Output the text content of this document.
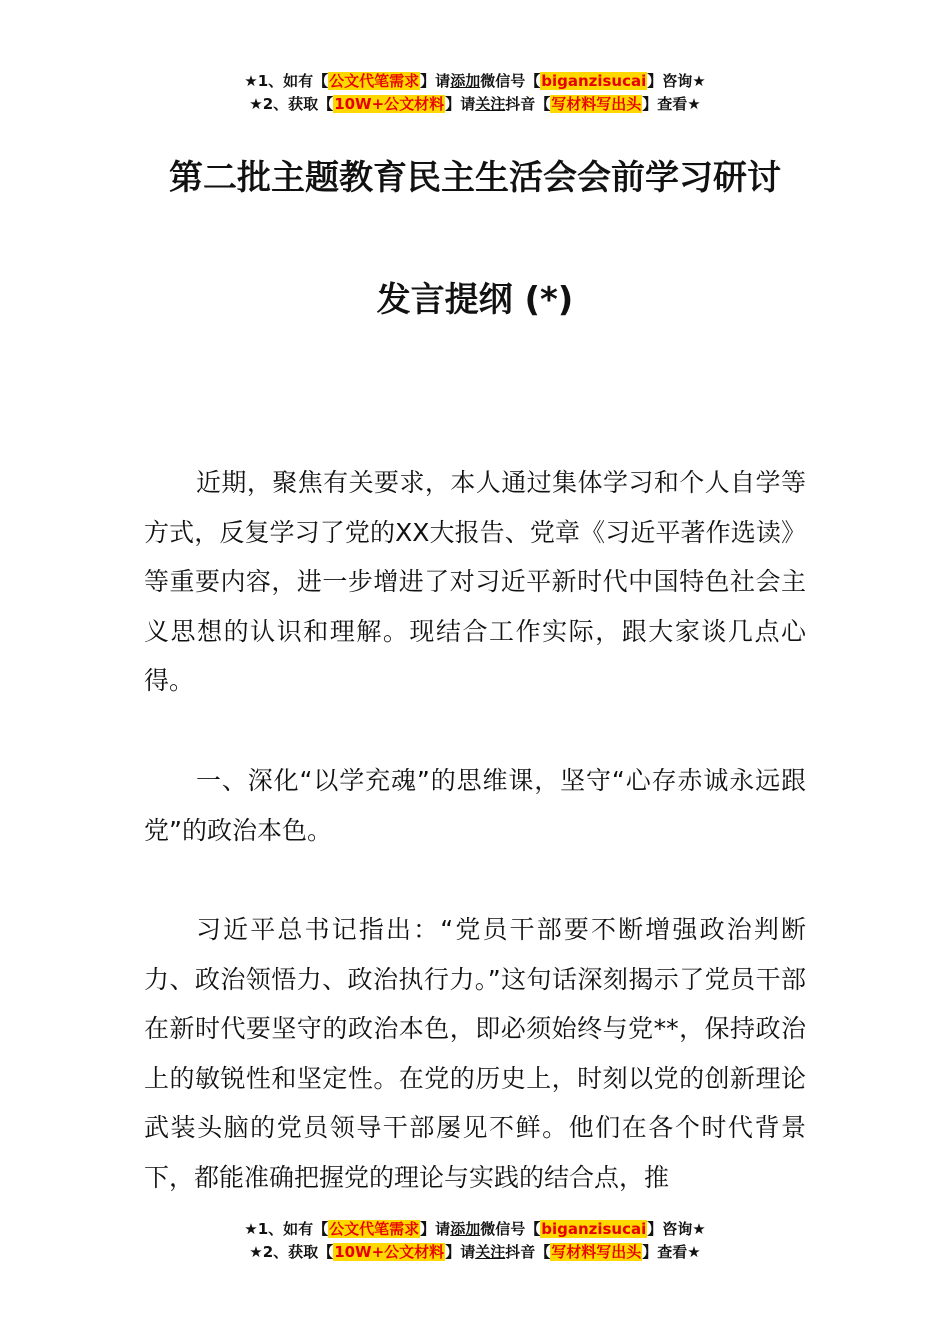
★1、如有【公文代笔需求】请添加微信号【biganzisucai】咨询★
★2、获取【10W+公文材料】请关注抖音【写材料写出头】查看★
第二批主题教育民主生活会会前学习研讨
发言提纲 (*)

近期，聚焦有关要求，本人通过集体学习和个人自学等方式，反复学习了党的XX大报告、党章《习近平著作选读》等重要内容，进一步增进了对习近平新时代中国特色社会主义思想的认识和理解。现结合工作实际，跟大家谈几点心得。

一、深化“以学充魂”的思维课，坚守“心存赤诚永远跟党”的政治本色。

习近平总书记指出：“党员干部要不断增强政治判断力、政治领悟力、政治执行力。”这句话深刻揭示了党员干部在新时代要坚守的政治本色，即必须始终与党**，保持政治上的敏锐性和坚定性。在党的历史上，时刻以党的创新理论武装头脑的党员领导干部屡见不鲜。他们在各个时代背景下，都能准确把握党的理论与实践的结合点，推

★1、如有【公文代笔需求】请添加微信号【biganzisucai】咨询★
★2、获取【10W+公文材料】请关注抖音【写材料写出头】查看★
